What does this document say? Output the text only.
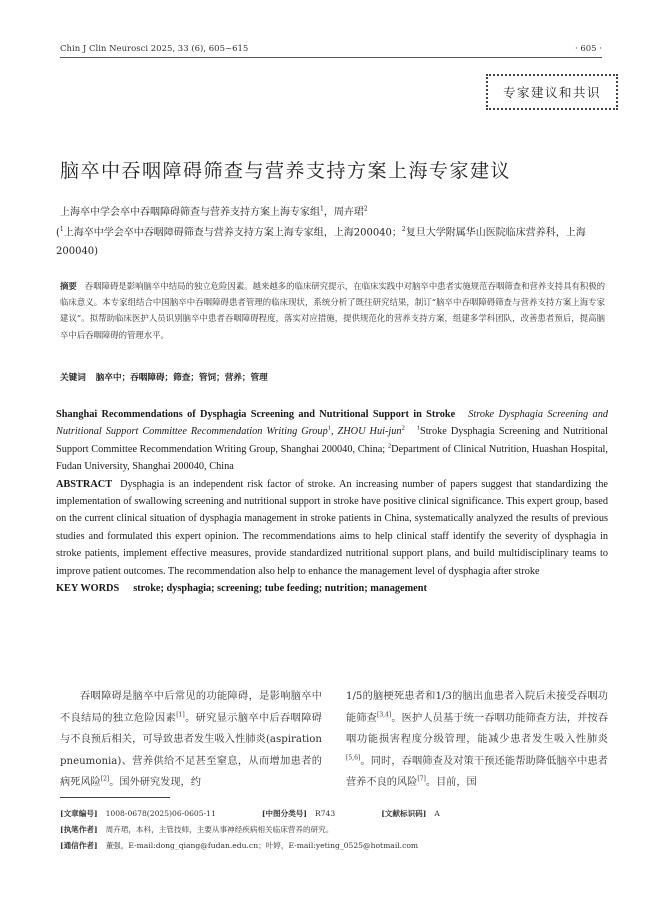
Chin J Clin Neurosci 2025, 33 (6), 605~615	· 605 ·
专家建议和共识
脑卒中吞咽障碍筛查与营养支持方案上海专家建议
上海卒中学会卒中吞咽障碍筛查与营养支持方案上海专家组$^1$，周卉珺$^2$
($^1$上海卒中学会卒中吞咽障碍筛查与营养支持方案上海专家组，上海200040；$^2$复旦大学附属华山医院临床营养科，上海200040)
摘要 吞咽障碍是影响脑卒中结局的独立危险因素。越来越多的临床研究提示，在临床实践中对脑卒中患者实施规范吞咽筛查和营养支持具有积极的临床意义。本专家组结合中国脑卒中吞咽障碍患者管理的临床现状，系统分析了既往研究结果，制订“脑卒中吞咽障碍筛查与营养支持方案上海专家建议”。拟帮助临床医护人员识别脑卒中患者吞咽障碍程度，落实对应措施，提供规范化的营养支持方案，组建多学科团队，改善患者预后，提高脑卒中后吞咽障碍的管理水平。
关键词 脑卒中；吞咽障碍；筛查；管饲；营养；管理
Shanghai Recommendations of Dysphagia Screening and Nutritional Support in Stroke Stroke Dysphagia Screening and Nutritional Support Committee Recommendation Writing Group$^1$, ZHOU Hui-jun$^2$ $^1$Stroke Dysphagia Screening and Nutritional Support Committee Recommendation Writing Group, Shanghai 200040, China; $^2$Department of Clinical Nutrition, Huashan Hospital, Fudan University, Shanghai 200040, China
ABSTRACT Dysphagia is an independent risk factor of stroke. An increasing number of papers suggest that standardizing the implementation of swallowing screening and nutritional support in stroke have positive clinical significance. This expert group, based on the current clinical situation of dysphagia management in stroke patients in China, systematically analyzed the results of previous studies and formulated this expert opinion. The recommendations aims to help clinical staff identify the severity of dysphagia in stroke patients, implement effective measures, provide standardized nutritional support plans, and build multidisciplinary teams to improve patient outcomes. The recommendation also help to enhance the management level of dysphagia after stroke
KEY WORDS stroke; dysphagia; screening; tube feeding; nutrition; management
吞咽障碍是脑卒中后常见的功能障碍，是影响脑卒中不良结局的独立危险因素[1]。研究显示脑卒中后吞咽障碍与不良预后相关，可导致患者发生吸入性肺炎(aspiration pneumonia)、营养供给不足甚至窒息，从而增加患者的病死风险[2]。国外研究发现，约
1/5的脑梗死患者和1/3的脑出血患者入院后未接受吞咽功能筛查[3,4]。医护人员基于统一吞咽功能筛查方法，并按吞咽功能损害程度分级管理，能减少患者发生吸入性肺炎[5,6]。同时，吞咽筛查及对策干预还能帮助降低脑卒中患者营养不良的风险[7]。目前，国
[文章编号] 1008-0678(2025)06-0605-11	[中图分类号] R743	[文献标识码] A
[执笔作者] 周卉珺，本科，主管技师，主要从事神经疾病相关临床营养的研究。
[通信作者] 董强，E-mail:dong_qiang@fudan.edu.cn；叶婷，E-mail:yeting_0525@hotmail.com
